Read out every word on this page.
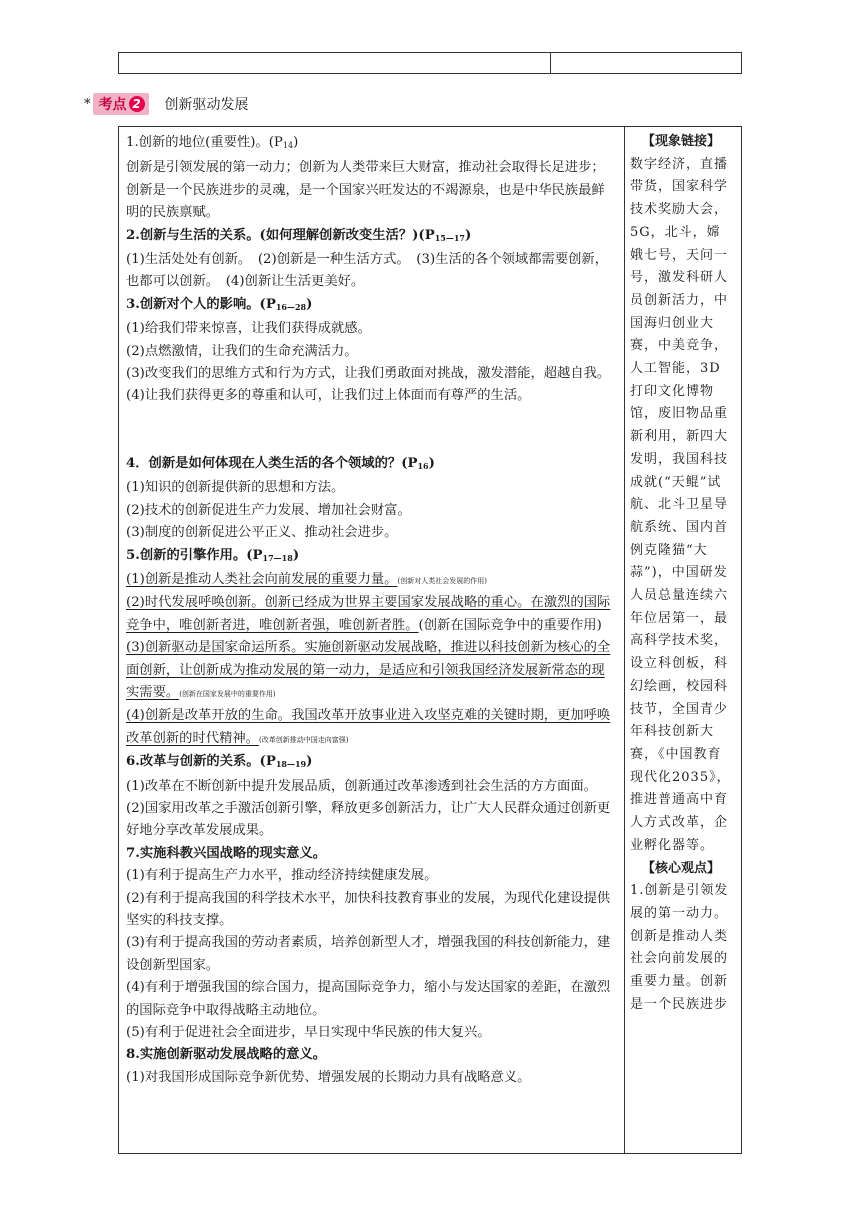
* 考点 2 创新驱动发展

1.创新的地位(重要性)。$(P_{14})$

创新是引领发展的第一动力；创新为人类带来巨大财富，推动社会取得长足进步；创新是一个民族进步的灵魂，是一个国家兴旺发达的不竭源泉，也是中华民族最鲜明的民族禀赋。

2.创新与生活的关系。(如何理解创新改变生活？)$(P_{15—17})$

(1)生活处处有创新。　(2)创新是一种生活方式。　(3)生活的各个领域都需要创新，也都可以创新。　(4)创新让生活更美好。

3.创新对个人的影响。$(P_{16—28})$

(1)给我们带来惊喜，让我们获得成就感。

(2)点燃激情，让我们的生命充满活力。

(3)改变我们的思维方式和行为方式，让我们勇敢面对挑战，激发潜能，超越自我。

(4)让我们获得更多的尊重和认可，让我们过上体面而有尊严的生活。

4．创新是如何体现在人类生活的各个领域的？$(P_{16})$

(1)知识的创新提供新的思想和方法。

(2)技术的创新促进生产力发展、增加社会财富。

(3)制度的创新促进公平正义、推动社会进步。

5.创新的引擎作用。$(P_{17—18})$

(1)创新是推动人类社会向前发展的重要力量。(创新对人类社会发展的作用)

(2)时代发展呼唤创新。创新已经成为世界主要国家发展战略的重心。在激烈的国际竞争中，唯创新者进，唯创新者强，唯创新者胜。(创新在国际竞争中的重要作用)

(3)创新驱动是国家命运所系。实施创新驱动发展战略，推进以科技创新为核心的全面创新，让创新成为推动发展的第一动力，是适应和引领我国经济发展新常态的现实需要。(创新在国家发展中的重要作用)

(4)创新是改革开放的生命。我国改革开放事业进入攻坚克难的关键时期，更加呼唤改革创新的时代精神。(改革创新推动中国走向富强)

6.改革与创新的关系。$(P_{18—19})$

(1)改革在不断创新中提升发展品质，创新通过改革渗透到社会生活的方方面面。

(2)国家用改革之手激活创新引擎，释放更多创新活力，让广大人民群众通过创新更好地分享改革发展成果。

7.实施科教兴国战略的现实意义。

(1)有利于提高生产力水平，推动经济持续健康发展。

(2)有利于提高我国的科学技术水平，加快科技教育事业的发展，为现代化建设提供坚实的科技支撑。

(3)有利于提高我国的劳动者素质，培养创新型人才，增强我国的科技创新能力，建设创新型国家。

(4)有利于增强我国的综合国力，提高国际竞争力，缩小与发达国家的差距，在激烈的国际竞争中取得战略主动地位。

(5)有利于促进社会全面进步，早日实现中华民族的伟大复兴。

8.实施创新驱动发展战略的意义。

(1)对我国形成国际竞争新优势、增强发展的长期动力具有战略意义。

【现象链接】
数字经济，直播带货，国家科学技术奖励大会，5G，北斗，嫦娥七号，天问一号，激发科研人员创新活力，中国海归创业大赛，中美竞争，人工智能，3D打印文化博物馆，废旧物品重新利用，新四大发明，我国科技成就(“天鲲”试航、北斗卫星导航系统、国内首例克隆猫“大蒜”)，中国研发人员总量连续六年位居第一，最高科学技术奖，设立科创板，科幻绘画，校园科技节，全国青少年科技创新大赛，《中国教育现代化2035》，推进普通高中育人方式改革，企业孵化器等。
【核心观点】
1.创新是引领发展的第一动力。创新是推动人类社会向前发展的重要力量。创新是一个民族进步
